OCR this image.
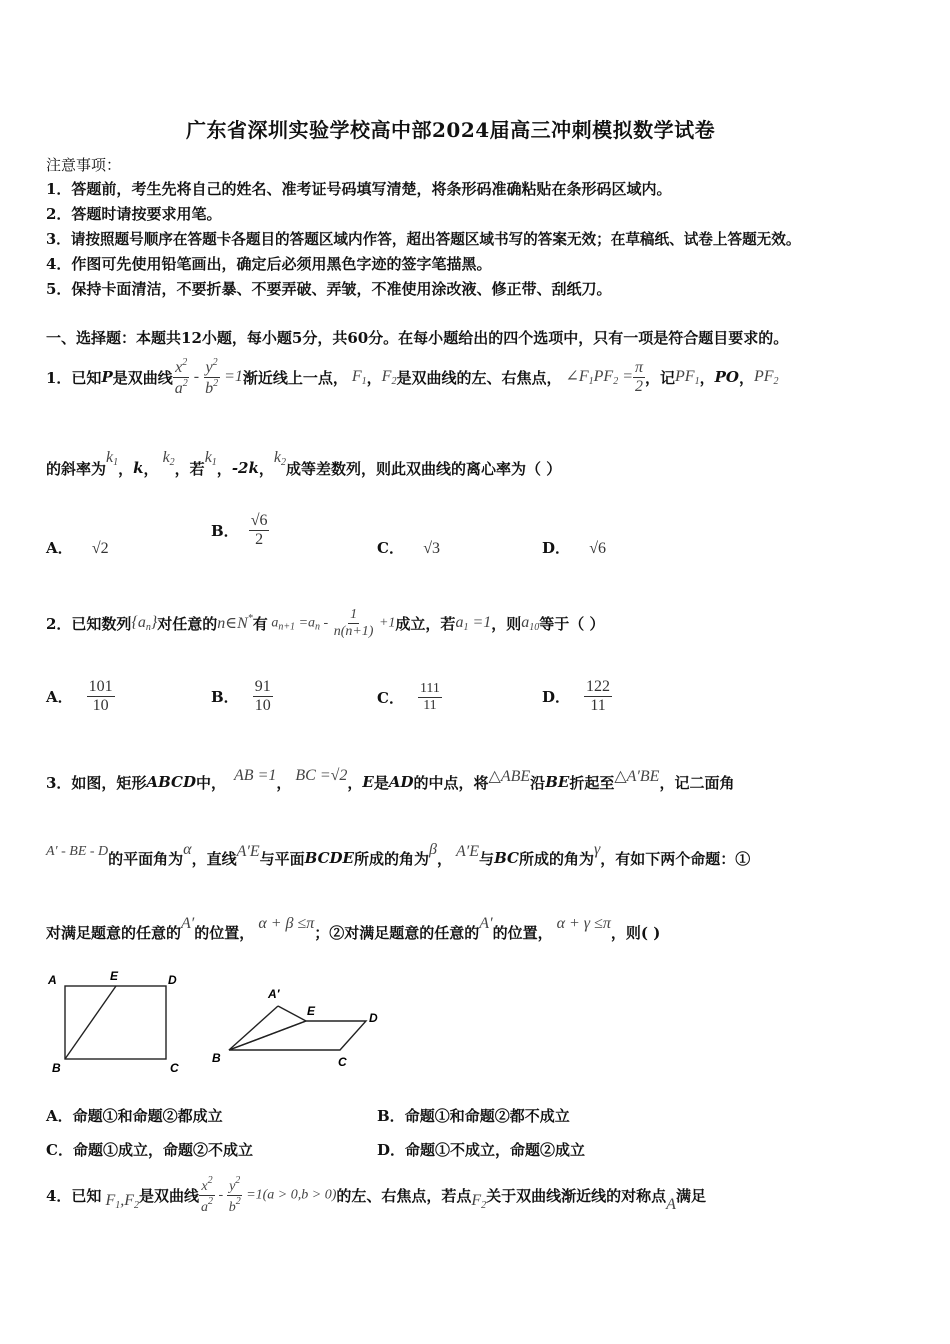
广东省深圳实验学校高中部2024届高三冲刺模拟数学试卷
注意事项：
1．答题前，考生先将自己的姓名、准考证号码填写清楚，将条形码准确粘贴在条形码区域内。
2．答题时请按要求用笔。
3．请按照题号顺序在答题卡各题目的答题区域内作答，超出答题区域书写的答案无效；在草稿纸、试卷上答题无效。
4．作图可先使用铅笔画出，确定后必须用黑色字迹的签字笔描黑。
5．保持卡面清洁，不要折暴、不要弄破、弄皱，不准使用涂改液、修正带、刮纸刀。
一、选择题：本题共12小题，每小题5分，共60分。在每小题给出的四个选项中，只有一项是符合题目要求的。
1．已知 P 是双曲线 $\frac{x^2}{a^2} - \frac{y^2}{b^2} =1$ 渐近线上一点， $F_1$ ， $F_2$ 是双曲线的左、右焦点， $\angle F_1PF_2 = \frac{\pi}{2}$ ，记 $PF_1$ ， PO ， $PF_2$
的斜率为
$k_1$ ， k ，
$k_2$ ，若
$k_1$ ， -2k ，
$k_2$ 成等差数列，则此双曲线的离心率为（ ）
A． √2
B． $\frac{√6}{2}$	C． √3	D． √6
2．已知数列 $\{a_n\}$ 对任意的 n∈N* 有 $a_{n+1} =a_n - \frac{1}{n(n+1)} +1$ 成立，若 $a_1 =1$ ，则 $a_{10}$ 等于（ ）
A． $\frac{101}{10}$	B． $\frac{91}{10}$	C． $\frac{111}{11}$	D． $\frac{122}{11}$
3．如图，矩形 ABCD 中， AB =1 ， BC =√2 ， E 是 AD 的中点，将 △ABE 沿 BE 折起至 △A′BE ，记二面角
A′ - BE - D 的平面角为 α ，直线 A′E 与平面 BCDE 所成的角为 β ， A′E 与 BC 所成的角为 γ ，有如下两个命题：①
对满足题意的任意的 A′ 的位置， α + β ≤π ；②对满足题意的任意的 A′ 的位置， α + γ ≤π ，则( )
A	E	D
B	C
A′
E	D
B	C
A．命题①和命题②都成立	B．命题①和命题②都不成立
C．命题①成立，命题②不成立	D．命题①不成立，命题②成立
4．已知 $F_1,F_2$
是双曲线 $\frac{x^2}{a^2} - \frac{y^2}{b^2} =1(a > 0,b > 0)$ 的左、右焦点，若点 $F_2$
关于双曲线渐近线的对称点 A 满足
